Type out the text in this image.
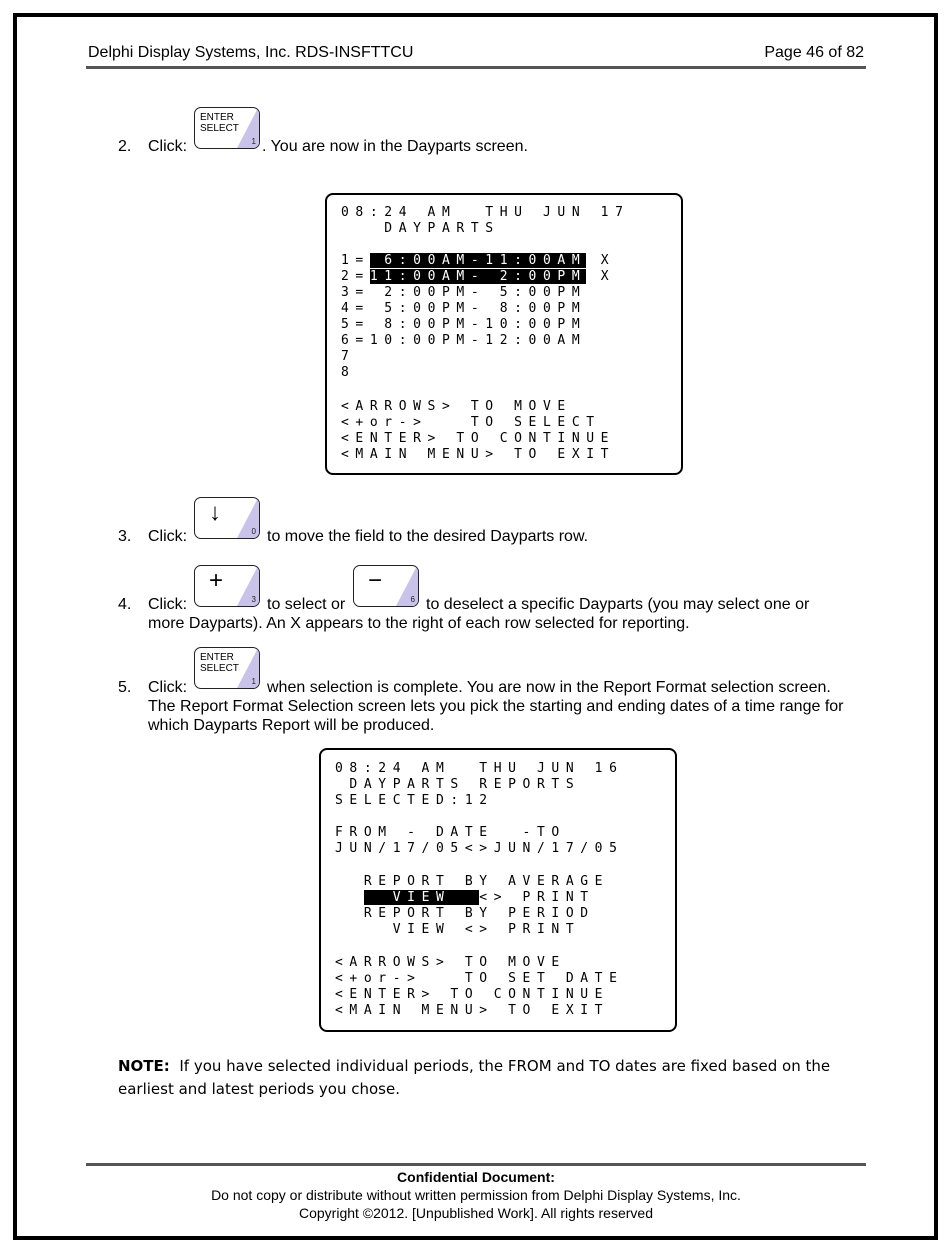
Delphi Display Systems, Inc. RDS-INSFTTCU	Page 46 of 82
2. Click:	. You are now in the Dayparts screen.
ENTER
SELECT
1
08:24 AM  THU JUN 17
DAYPARTS
1= 6:00AM-11:00AM X
2=11:00AM- 2:00PM X
3= 2:00PM- 5:00PM
4= 5:00PM- 8:00PM
5= 8:00PM-10:00PM
6=10:00PM-12:00AM
7
8
<ARROWS> TO MOVE
<+or->   TO SELECT
<ENTER> TO CONTINUE
<MAIN MENU> TO EXIT
↓
0
3. Click:	to move the field to the desired Dayparts row.
+
3
−
6
4. Click:	to select or	to deselect a specific Dayparts (you may select one or
more Dayparts). An X appears to the right of each row selected for reporting.
ENTER
SELECT
1
5. Click:	when selection is complete. You are now in the Report Format selection screen.
The Report Format Selection screen lets you pick the starting and ending dates of a time range for
which Dayparts Report will be produced.
08:24 AM  THU JUN 16
DAYPARTS REPORTS
SELECTED:12
FROM - DATE  -TO
JUN/17/05<>JUN/17/05
REPORT BY AVERAGE
VIEW  <> PRINT
REPORT BY PERIOD
VIEW <> PRINT
<ARROWS> TO MOVE
<+or->   TO SET DATE
<ENTER> TO CONTINUE
<MAIN MENU> TO EXIT
NOTE: If you have selected individual periods, the FROM and TO dates are fixed based on the earliest and latest periods you chose.
Confidential Document:
Do not copy or distribute without written permission from Delphi Display Systems, Inc.
Copyright ©2012. [Unpublished Work]. All rights reserved
